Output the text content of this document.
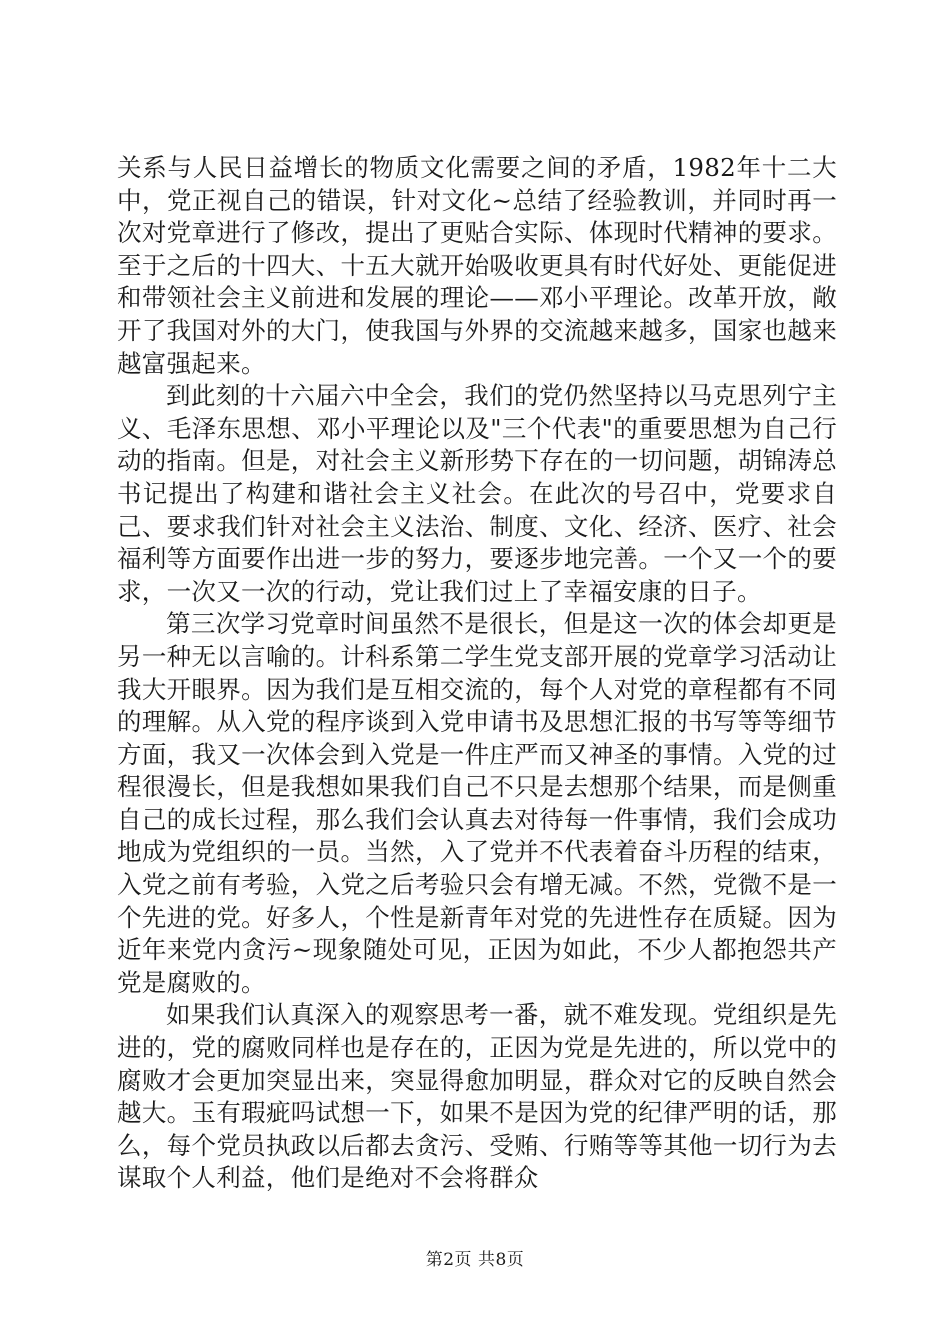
关系与人民日益增长的物质文化需要之间的矛盾，1982年十二大中，党正视自己的错误，针对文化~总结了经验教训，并同时再一次对党章进行了修改，提出了更贴合实际、体现时代精神的要求。至于之后的十四大、十五大就开始吸收更具有时代好处、更能促进和带领社会主义前进和发展的理论——邓小平理论。改革开放，敞开了我国对外的大门，使我国与外界的交流越来越多，国家也越来越富强起来。

到此刻的十六届六中全会，我们的党仍然坚持以马克思列宁主义、毛泽东思想、邓小平理论以及"三个代表"的重要思想为自己行动的指南。但是，对社会主义新形势下存在的一切问题，胡锦涛总书记提出了构建和谐社会主义社会。在此次的号召中，党要求自己、要求我们针对社会主义法治、制度、文化、经济、医疗、社会福利等方面要作出进一步的努力，要逐步地完善。一个又一个的要求，一次又一次的行动，党让我们过上了幸福安康的日子。

第三次学习党章时间虽然不是很长，但是这一次的体会却更是另一种无以言喻的。计科系第二学生党支部开展的党章学习活动让我大开眼界。因为我们是互相交流的，每个人对党的章程都有不同的理解。从入党的程序谈到入党申请书及思想汇报的书写等等细节方面，我又一次体会到入党是一件庄严而又神圣的事情。入党的过程很漫长，但是我想如果我们自己不只是去想那个结果，而是侧重自己的成长过程，那么我们会认真去对待每一件事情，我们会成功地成为党组织的一员。当然，入了党并不代表着奋斗历程的结束，入党之前有考验，入党之后考验只会有增无减。不然，党微不是一个先进的党。好多人，个性是新青年对党的先进性存在质疑。因为近年来党内贪污~现象随处可见，正因为如此，不少人都抱怨共产党是腐败的。

如果我们认真深入的观察思考一番，就不难发现。党组织是先进的，党的腐败同样也是存在的，正因为党是先进的，所以党中的腐败才会更加突显出来，突显得愈加明显，群众对它的反映自然会越大。玉有瑕疵吗试想一下，如果不是因为党的纪律严明的话，那么，每个党员执政以后都去贪污、受贿、行贿等等其他一切行为去谋取个人利益，他们是绝对不会将群众

第2页 共8页
